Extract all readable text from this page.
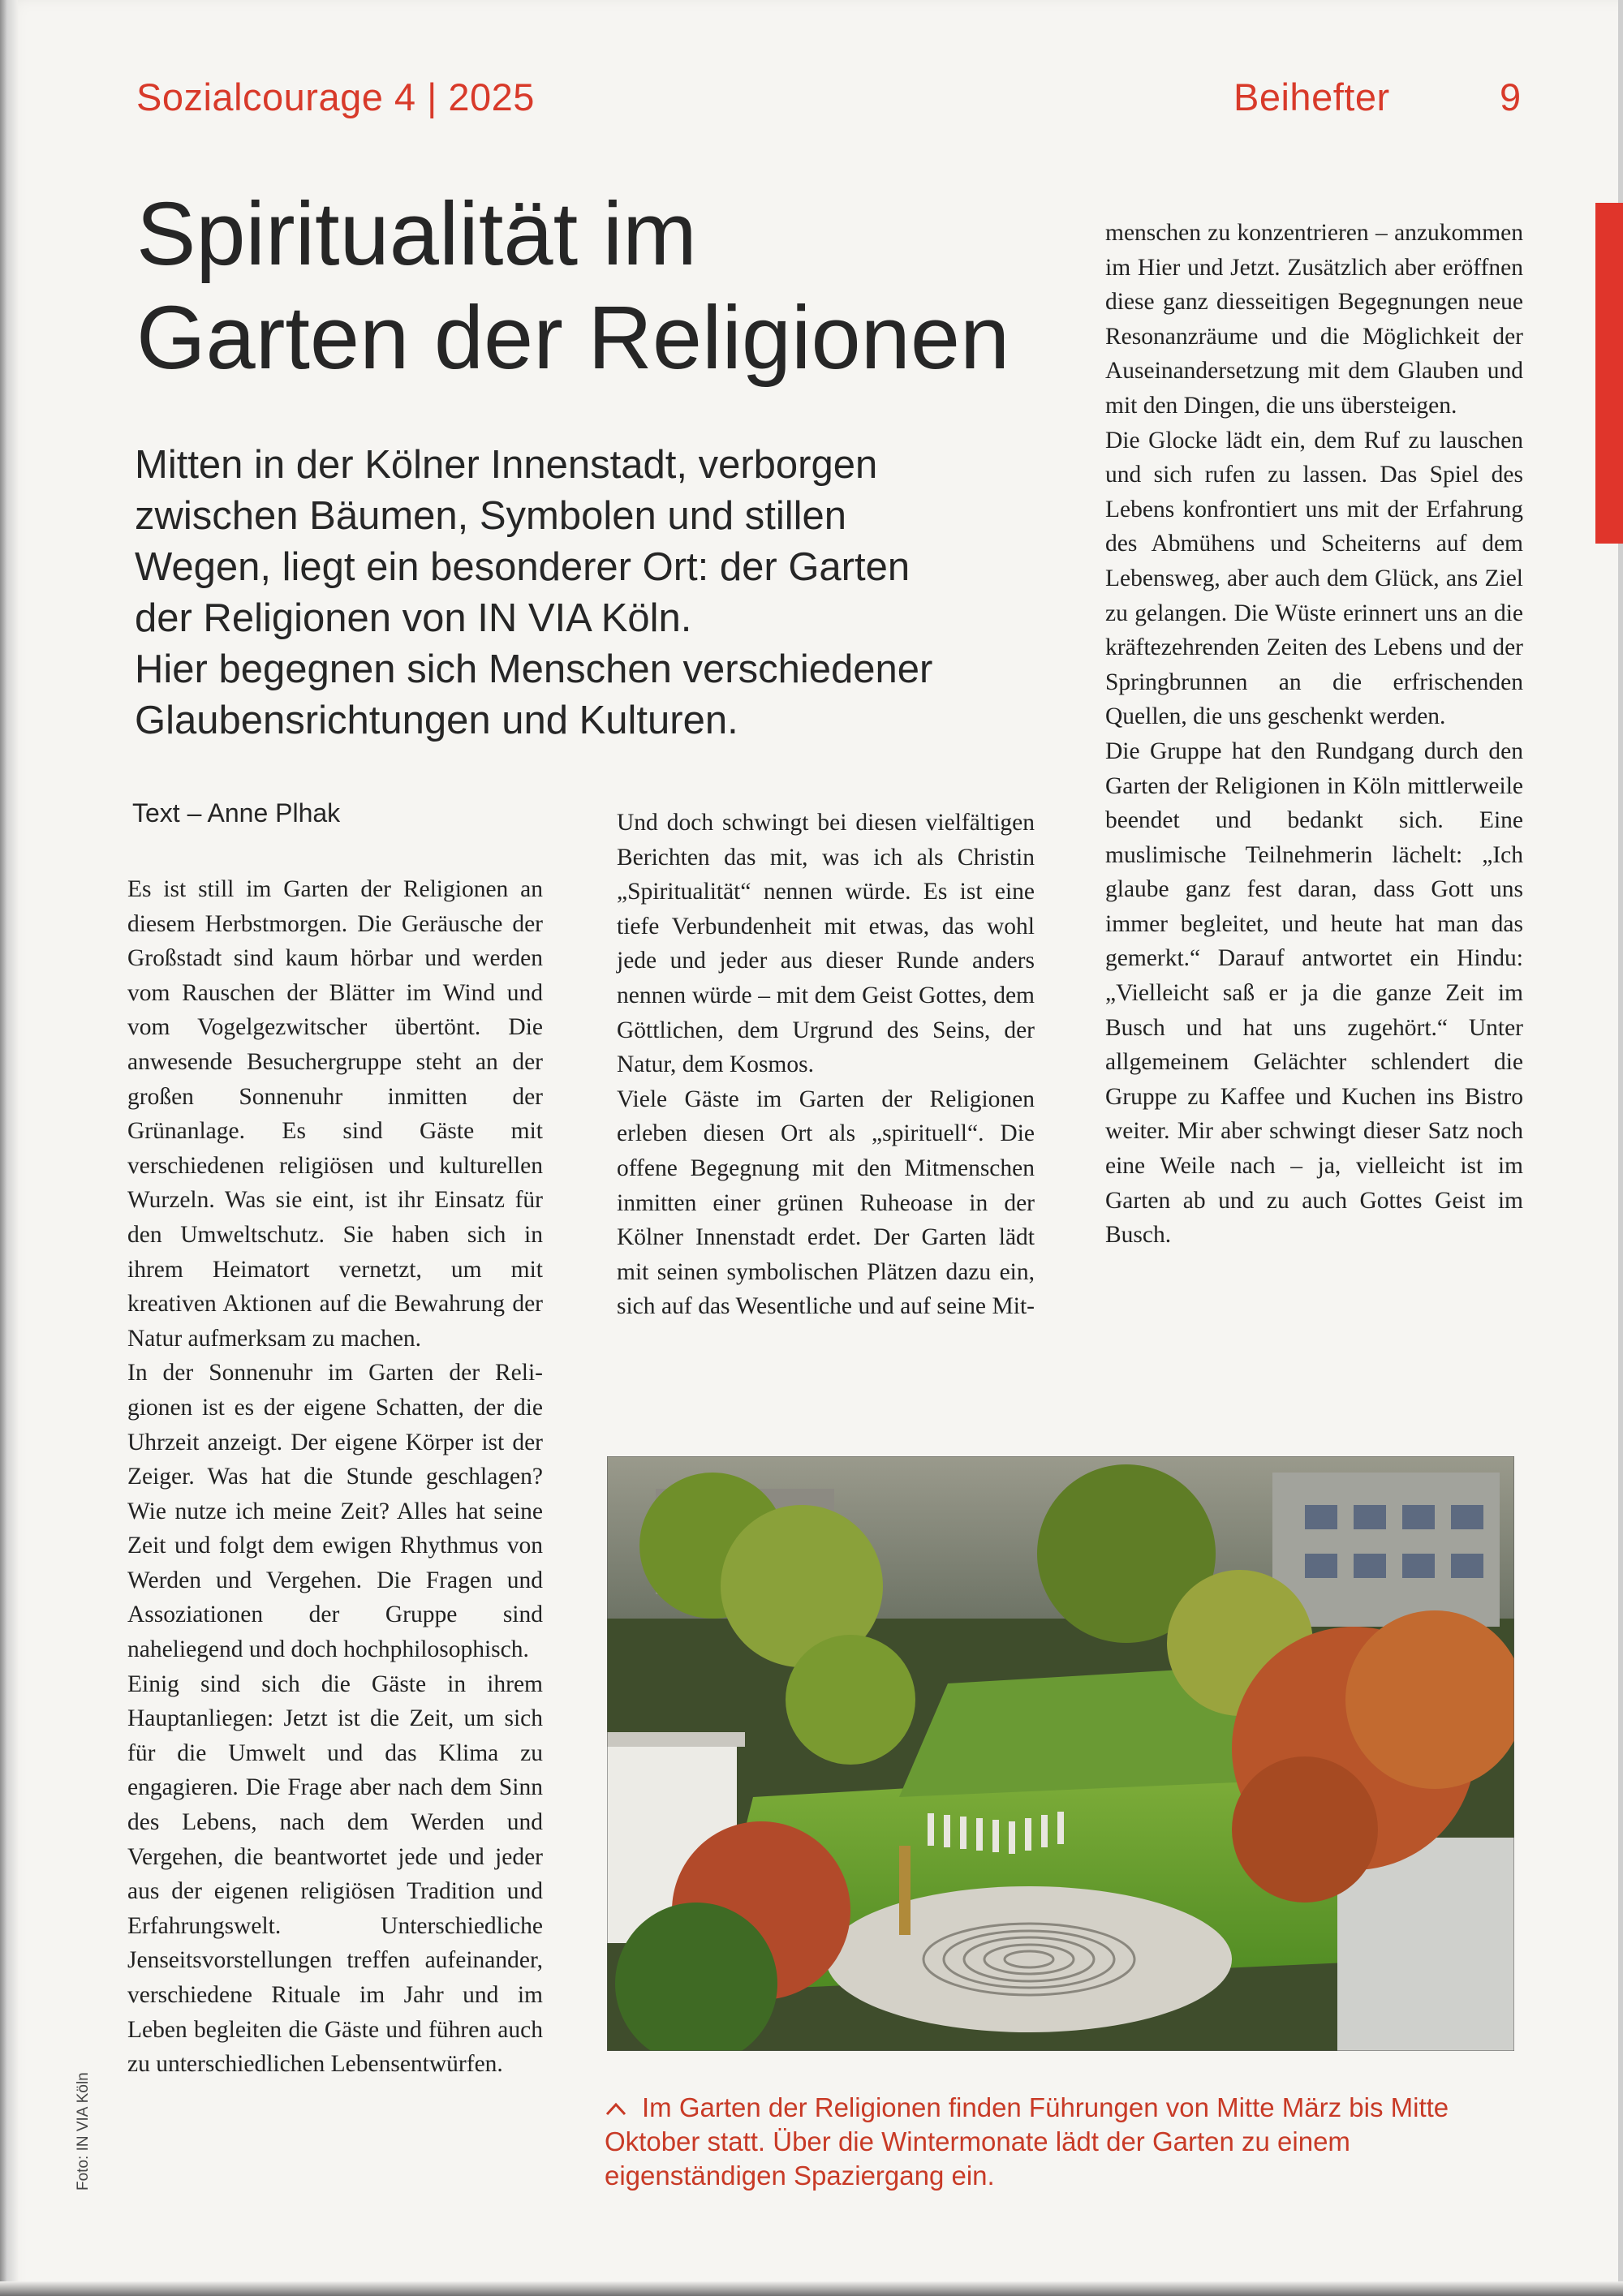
Sozialcourage 4 | 2025	Beihefter	9
Spiritualität im
Garten der Religionen
Mitten in der Kölner Innenstadt, verborgen
zwischen Bäumen, Symbolen und stillen
Wegen, liegt ein besonderer Ort: der Garten
der Religionen von IN VIA Köln.
Hier begegnen sich Menschen verschiedener
Glaubensrichtungen und Kulturen.
Text – Anne Plhak

Es ist still im Garten der Religionen an diesem Herbstmorgen. Die Geräusche der Großstadt sind kaum hörbar und werden vom Rauschen der Blätter im Wind und vom Vogelgezwitscher übertönt. Die anwesende Besuchergruppe steht an der großen Sonnenuhr inmitten der Grünanlage. Es sind Gäste mit verschiedenen religiösen und kulturellen Wurzeln. Was sie eint, ist ihr Einsatz für den Umweltschutz. Sie haben sich in ihrem Heimatort vernetzt, um mit kreativen Aktionen auf die Bewahrung der Natur aufmerksam zu machen.

In der Sonnenuhr im Garten der Religionen ist es der eigene Schatten, der die Uhrzeit anzeigt. Der eigene Körper ist der Zeiger. Was hat die Stunde geschlagen? Wie nutze ich meine Zeit? Alles hat seine Zeit und folgt dem ewigen Rhythmus von Werden und Vergehen. Die Fragen und Assoziationen der Gruppe sind naheliegend und doch hochphilosophisch.

Einig sind sich die Gäste in ihrem Hauptanliegen: Jetzt ist die Zeit, um sich für die Umwelt und das Klima zu engagieren. Die Frage aber nach dem Sinn des Lebens, nach dem Werden und Vergehen, die beantwortet jede und jeder aus der eigenen religiösen Tradition und Erfahrungswelt. Unterschiedliche Jenseitsvorstellungen treffen aufeinander, verschiedene Rituale im Jahr und im Leben begleiten die Gäste und führen auch zu unterschiedlichen Lebensentwürfen.

Und doch schwingt bei diesen vielfältigen Berichten das mit, was ich als Christin „Spiritualität“ nennen würde. Es ist eine tiefe Verbundenheit mit etwas, das wohl jede und jeder aus dieser Runde anders nennen würde – mit dem Geist Gottes, dem Göttlichen, dem Urgrund des Seins, der Natur, dem Kosmos.

Viele Gäste im Garten der Religionen erleben diesen Ort als „spirituell“. Die offene Begegnung mit den Mitmenschen inmitten einer grünen Ruheoase in der Kölner Innenstadt erdet. Der Garten lädt mit seinen symbolischen Plätzen dazu ein, sich auf das Wesentliche und auf seine Mit-

menschen zu konzentrieren – anzukommen im Hier und Jetzt. Zusätzlich aber eröffnen diese ganz diesseitigen Begegnungen neue Resonanzräume und die Möglichkeit der Auseinandersetzung mit dem Glauben und mit den Dingen, die uns übersteigen.

Die Glocke lädt ein, dem Ruf zu lauschen und sich rufen zu lassen. Das Spiel des Lebens konfrontiert uns mit der Erfahrung des Abmühens und Scheiterns auf dem Lebensweg, aber auch dem Glück, ans Ziel zu gelangen. Die Wüste erinnert uns an die kräftezehrenden Zeiten des Lebens und der Springbrunnen an die erfrischenden Quellen, die uns geschenkt werden.

Die Gruppe hat den Rundgang durch den Garten der Religionen in Köln mittlerweile beendet und bedankt sich. Eine muslimische Teilnehmerin lächelt: „Ich glaube ganz fest daran, dass Gott uns immer begleitet, und heute hat man das gemerkt.“ Darauf antwortet ein Hindu: „Vielleicht saß er ja die ganze Zeit im Busch und hat uns zugehört.“ Unter allgemeinem Gelächter schlendert die Gruppe zu Kaffee und Kuchen ins Bistro weiter. Mir aber schwingt dieser Satz noch eine Weile nach – ja, vielleicht ist im Garten ab und zu auch Gottes Geist im Busch.

Im Garten der Religionen finden Führungen von Mitte März bis Mitte Oktober statt. Über die Wintermonate lädt der Garten zu einem eigenständigen Spaziergang ein.

Foto: IN VIA Köln
